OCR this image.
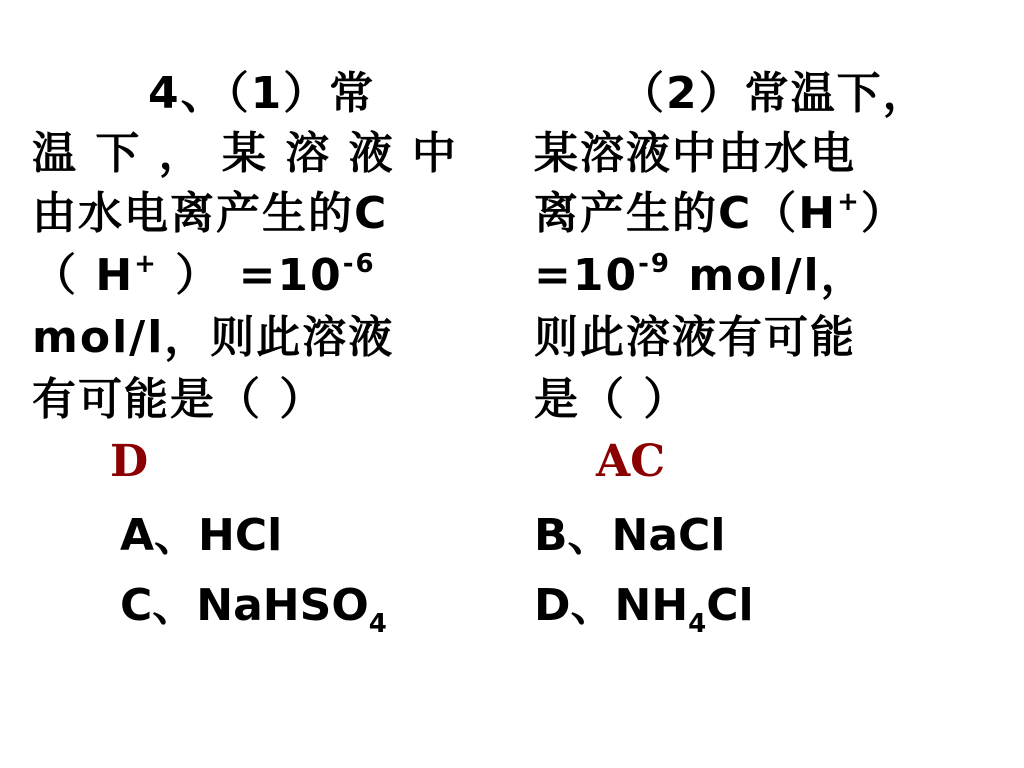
4、（1）常
温 下 ， 某 溶 液 中
由水电离产生的C
（ H+ ） $=10^{-6}$
mol/l，则此溶液
有可能是（ ）
D
（2）常温下，
某溶液中由水电
离产生的C（H+）
$=10^{-9}$ mol/l，
则此溶液有可能
是（ ）
AC
A、HCl	B、NaCl
C、NaHSO$_4$	D、$NH_4Cl$
